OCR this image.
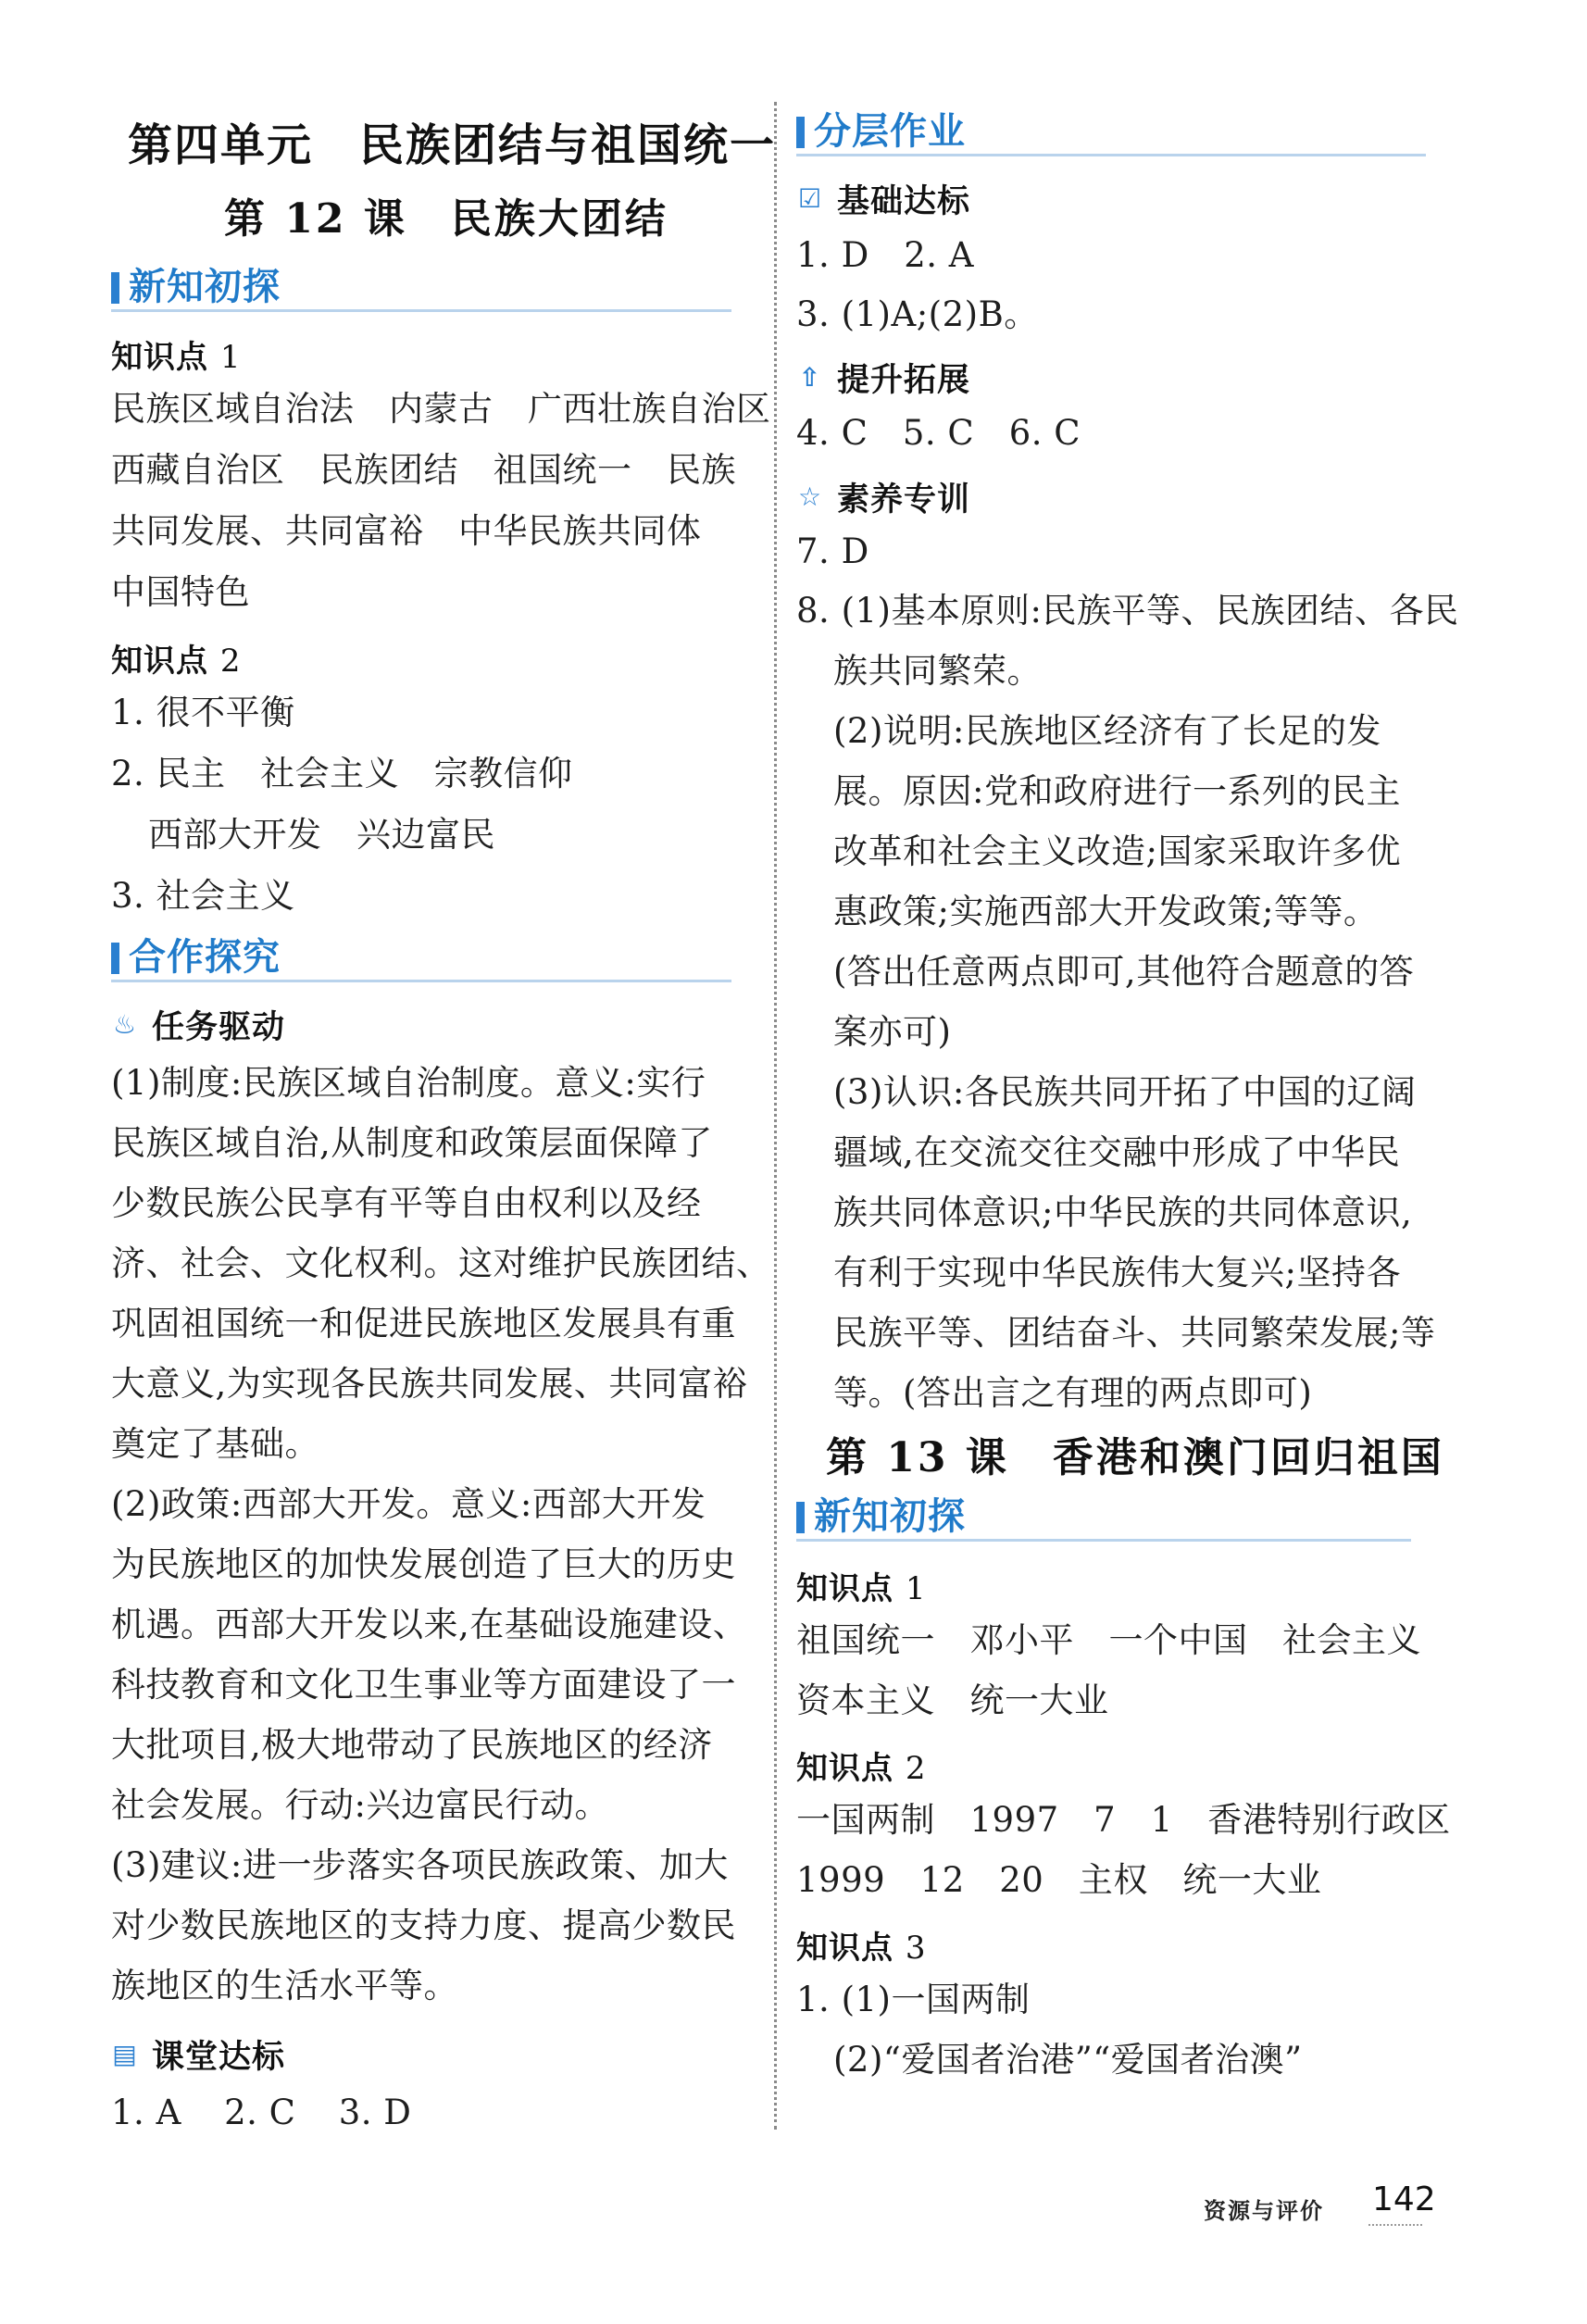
第四单元　民族团结与祖国统一
第 12 课　民族大团结
新知初探
知识点 1
民族区域自治法　内蒙古　广西壮族自治区
西藏自治区　民族团结　祖国统一　民族
共同发展、共同富裕　中华民族共同体
中国特色
知识点 2
1. 很不平衡
2. 民主　社会主义　宗教信仰
西部大开发　兴边富民
3. 社会主义
合作探究
♨ 任务驱动
(1)制度:民族区域自治制度。意义:实行
民族区域自治,从制度和政策层面保障了
少数民族公民享有平等自由权利以及经
济、社会、文化权利。这对维护民族团结、
巩固祖国统一和促进民族地区发展具有重
大意义,为实现各民族共同发展、共同富裕
奠定了基础。
(2)政策:西部大开发。意义:西部大开发
为民族地区的加快发展创造了巨大的历史
机遇。西部大开发以来,在基础设施建设、
科技教育和文化卫生事业等方面建设了一
大批项目,极大地带动了民族地区的经济
社会发展。行动:兴边富民行动。
(3)建议:进一步落实各项民族政策、加大
对少数民族地区的支持力度、提高少数民
族地区的生活水平等。
▤ 课堂达标
1. A 2. C 3. D
分层作业
☑ 基础达标
1. D　2. A
3. (1)A;(2)B。
⇧ 提升拓展
4. C　5. C　6. C
☆ 素养专训
7. D
8. (1)基本原则:民族平等、民族团结、各民
族共同繁荣。
(2)说明:民族地区经济有了长足的发
展。原因:党和政府进行一系列的民主
改革和社会主义改造;国家采取许多优
惠政策;实施西部大开发政策;等等。
(答出任意两点即可,其他符合题意的答
案亦可)
(3)认识:各民族共同开拓了中国的辽阔
疆域,在交流交往交融中形成了中华民
族共同体意识;中华民族的共同体意识,
有利于实现中华民族伟大复兴;坚持各
民族平等、团结奋斗、共同繁荣发展;等
等。(答出言之有理的两点即可)
第 13 课　香港和澳门回归祖国
新知初探
知识点 1
祖国统一　邓小平　一个中国　社会主义
资本主义　统一大业
知识点 2
一国两制　1997　7　1　香港特别行政区
1999　12　20　主权　统一大业
知识点 3
1. (1)一国两制
(2)“爱国者治港”“爱国者治澳”
资源与评价 142
